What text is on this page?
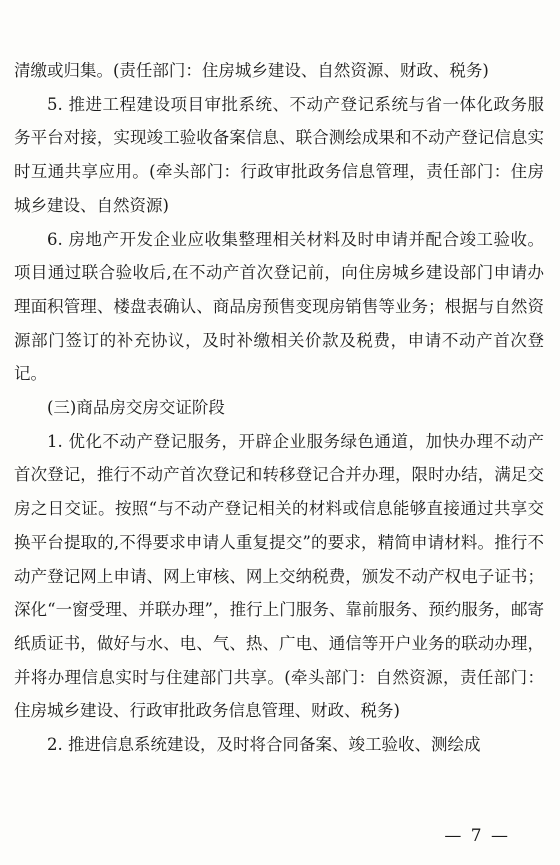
清缴或归集。(责任部门：住房城乡建设、自然资源、财政、税务)

5. 推进工程建设项目审批系统、不动产登记系统与省一体化政务服务平台对接，实现竣工验收备案信息、联合测绘成果和不动产登记信息实时互通共享应用。(牵头部门：行政审批政务信息管理，责任部门：住房城乡建设、自然资源)

6. 房地产开发企业应收集整理相关材料及时申请并配合竣工验收。项目通过联合验收后,在不动产首次登记前，向住房城乡建设部门申请办理面积管理、楼盘表确认、商品房预售变现房销售等业务；根据与自然资源部门签订的补充协议，及时补缴相关价款及税费，申请不动产首次登记。

(三)商品房交房交证阶段

1. 优化不动产登记服务，开辟企业服务绿色通道，加快办理不动产首次登记，推行不动产首次登记和转移登记合并办理，限时办结，满足交房之日交证。按照“与不动产登记相关的材料或信息能够直接通过共享交换平台提取的,不得要求申请人重复提交”的要求，精简申请材料。推行不动产登记网上申请、网上审核、网上交纳税费，颁发不动产权电子证书；深化“一窗受理、并联办理”，推行上门服务、靠前服务、预约服务，邮寄纸质证书，做好与水、电、气、热、广电、通信等开户业务的联动办理，并将办理信息实时与住建部门共享。(牵头部门：自然资源，责任部门：住房城乡建设、行政审批政务信息管理、财政、税务)

2. 推进信息系统建设，及时将合同备案、竣工验收、测绘成

— 7 —
